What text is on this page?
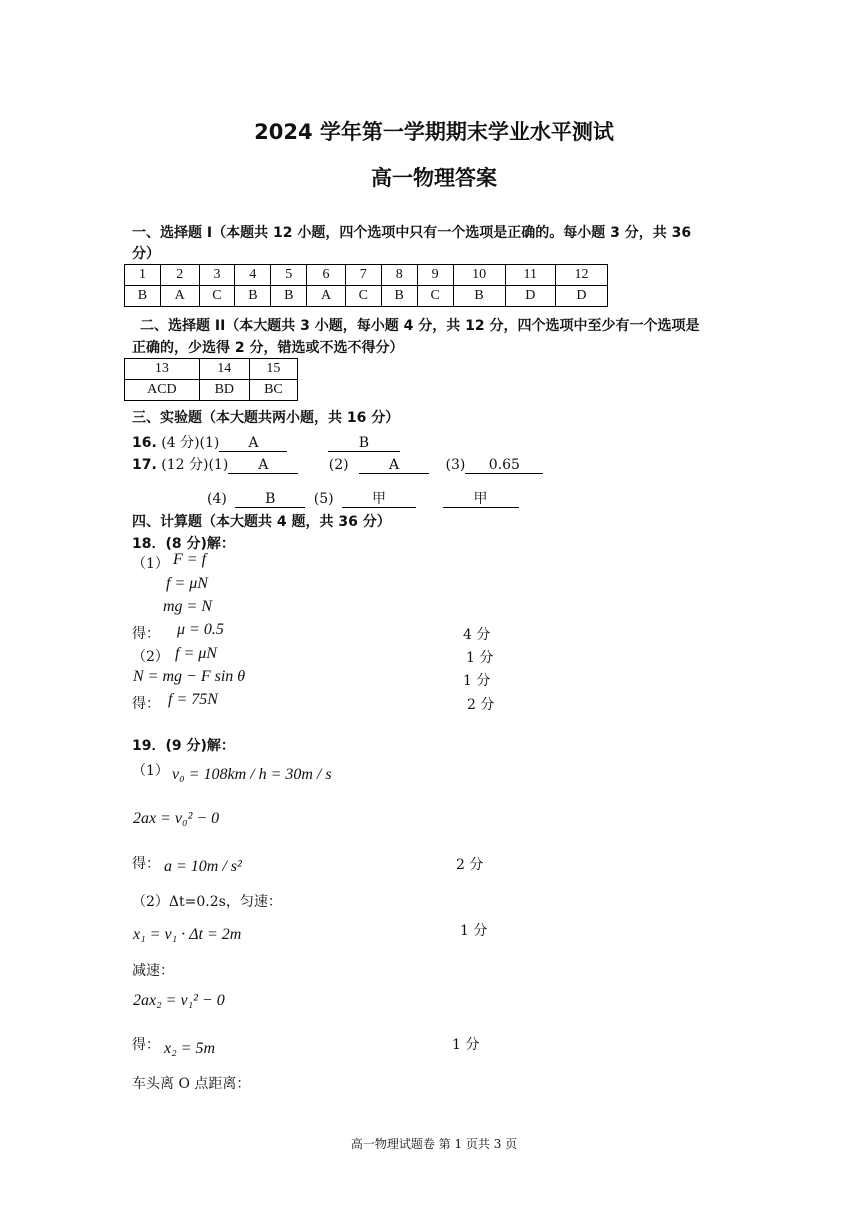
2024 学年第一学期期末学业水平测试
高一物理答案
一、选择题 I（本题共 12 小题，四个选项中只有一个选项是正确的。每小题 3 分，共 36
分）
1	2	3	4	5	6	7	8	9	10	11	12
B	A	C	B	B	A	C	B	C	B	D	D
二、选择题 II（本大题共 3 小题，每小题 4 分，共 12 分，四个选项中至少有一个选项是
正确的，少选得 2 分，错选或不选不得分）
13	14	15
ACD	BD	BC
三、实验题（本大题共两小题，共 16 分）
16. (4 分)(1) A	B
17. (12 分)(1) A	(2)	A	(3) 0.65
(4)	B	(5)	甲	甲
四、计算题（本大题共 4 题，共 36 分）
18．(8 分)解：
（1） F = f
f = μN
mg = N
得： μ = 0.5	4 分
（2） f = μN	1 分
N = mg − F sin θ	1 分
得： f = 75N	2 分
19．(9 分)解：
（1） v₀ = 108km / h = 30m / s
2ax = v₀² − 0
得： a = 10m / s²	2 分
（2）Δt=0.2s，匀速：
x₁ = v₁ · Δt = 2m	1 分
减速：
2ax₂ = v₁² − 0
得： x₂ = 5m	1 分
车头离 O 点距离：
高一物理试题卷 第 1 页共 3 页
